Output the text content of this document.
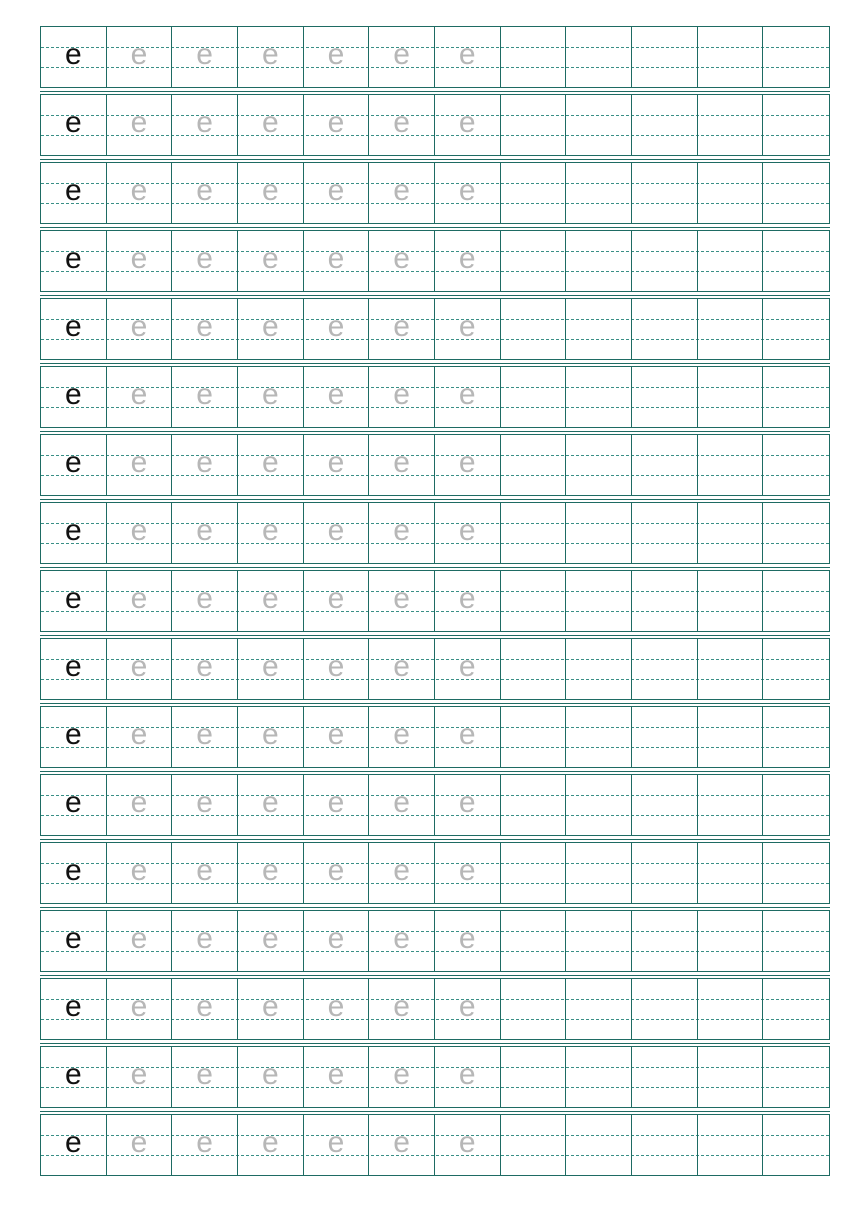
e	e	e	e	e	e	e
e	e	e	e	e	e	e
e	e	e	e	e	e	e
e	e	e	e	e	e	e
e	e	e	e	e	e	e
e	e	e	e	e	e	e
e	e	e	e	e	e	e
e	e	e	e	e	e	e
e	e	e	e	e	e	e
e	e	e	e	e	e	e
e	e	e	e	e	e	e
e	e	e	e	e	e	e
e	e	e	e	e	e	e
e	e	e	e	e	e	e
e	e	e	e	e	e	e
e	e	e	e	e	e	e
e	e	e	e	e	e	e
